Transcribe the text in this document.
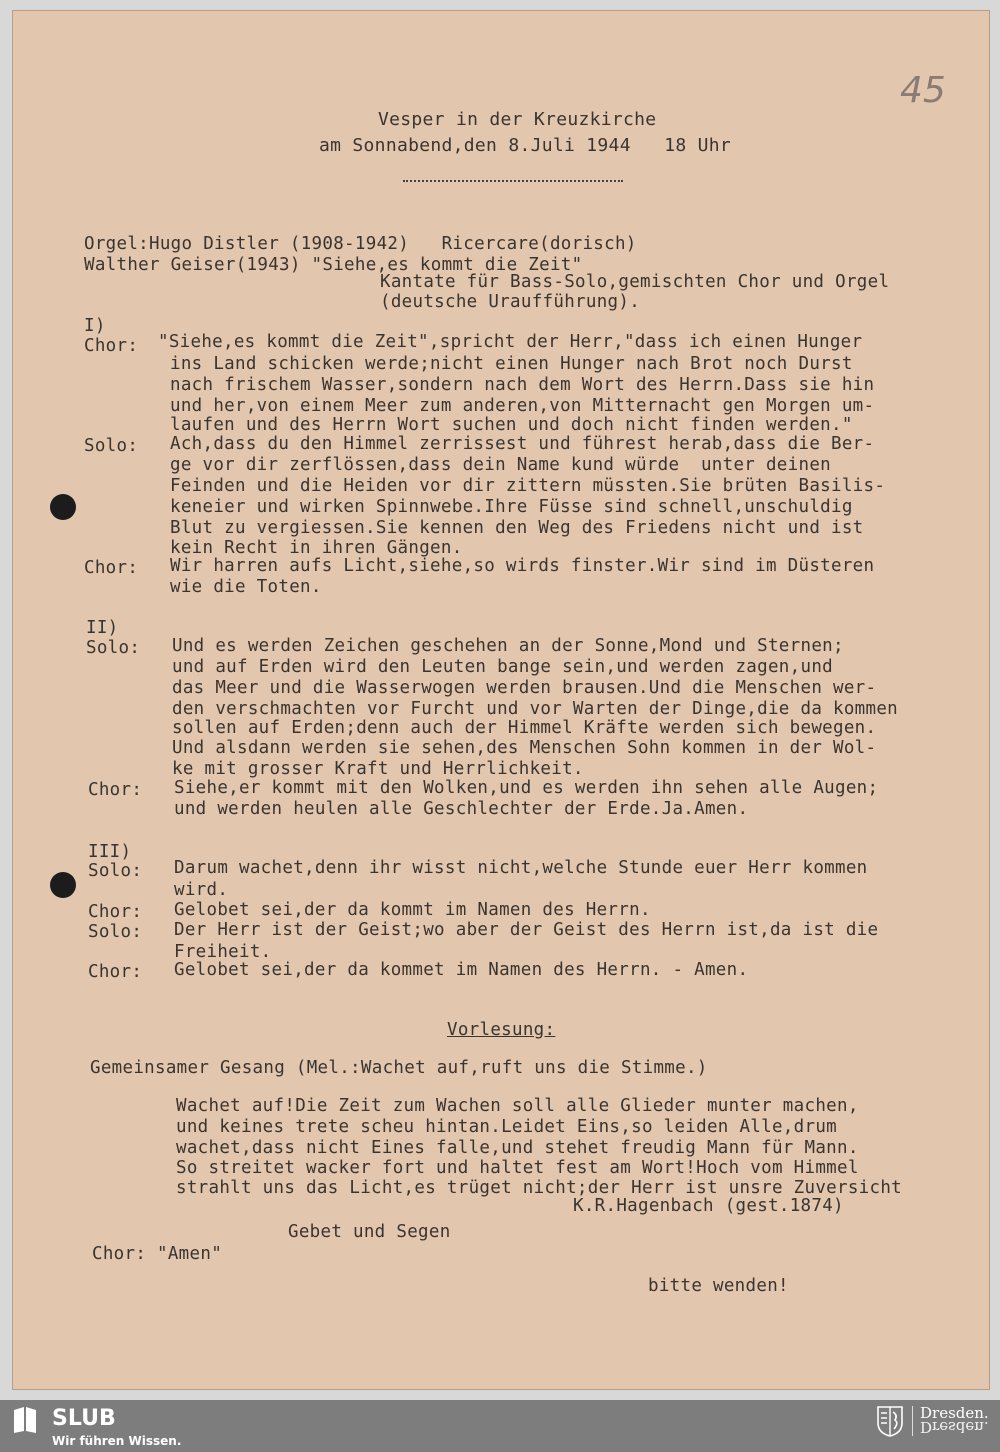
45
Vesper in der Kreuzkirche
am Sonnabend,den 8.Juli 1944   18 Uhr
Orgel:Hugo Distler (1908-1942)   Ricercare(dorisch)
Walther Geiser(1943) "Siehe,es kommt die Zeit"
Kantate für Bass-Solo,gemischten Chor und Orgel
(deutsche Uraufführung).
I)
Chor: "Siehe,es kommt die Zeit",spricht der Herr,"dass ich einen Hunger
ins Land schicken werde;nicht einen Hunger nach Brot noch Durst
nach frischem Wasser,sondern nach dem Wort des Herrn.Dass sie hin
und her,von einem Meer zum anderen,von Mitternacht gen Morgen um-
laufen und des Herrn Wort suchen und doch nicht finden werden."
Solo: Ach,dass du den Himmel zerrissest und führest herab,dass die Ber-
ge vor dir zerflössen,dass dein Name kund würde  unter deinen
Feinden und die Heiden vor dir zittern müssten.Sie brüten Basilis-
keneier und wirken Spinnwebe.Ihre Füsse sind schnell,unschuldig
Blut zu vergiessen.Sie kennen den Weg des Friedens nicht und ist
kein Recht in ihren Gängen.
Chor: Wir harren aufs Licht,siehe,so wirds finster.Wir sind im Düsteren
wie die Toten.
II)
Solo: Und es werden Zeichen geschehen an der Sonne,Mond und Sternen;
und auf Erden wird den Leuten bange sein,und werden zagen,und
das Meer und die Wasserwogen werden brausen.Und die Menschen wer-
den verschmachten vor Furcht und vor Warten der Dinge,die da kommen
sollen auf Erden;denn auch der Himmel Kräfte werden sich bewegen.
Und alsdann werden sie sehen,des Menschen Sohn kommen in der Wol-
ke mit grosser Kraft und Herrlichkeit.
Chor: Siehe,er kommt mit den Wolken,und es werden ihn sehen alle Augen;
und werden heulen alle Geschlechter der Erde.Ja.Amen.
III)
Solo: Darum wachet,denn ihr wisst nicht,welche Stunde euer Herr kommen
wird.
Chor: Gelobet sei,der da kommt im Namen des Herrn.
Solo: Der Herr ist der Geist;wo aber der Geist des Herrn ist,da ist die
Freiheit.
Chor: Gelobet sei,der da kommet im Namen des Herrn. - Amen.
Vorlesung:
Gemeinsamer Gesang (Mel.:Wachet auf,ruft uns die Stimme.)
Wachet auf!Die Zeit zum Wachen soll alle Glieder munter machen,
und keines trete scheu hintan.Leidet Eins,so leiden Alle,drum
wachet,dass nicht Eines falle,und stehet freudig Mann für Mann.
So streitet wacker fort und haltet fest am Wort!Hoch vom Himmel
strahlt uns das Licht,es trüget nicht;der Herr ist unsre Zuversicht
K.R.Hagenbach (gest.1874)
Gebet und Segen
Chor: "Amen"
bitte wenden!
SLUB
Wir führen Wissen.
Dresden.
Dresden.
